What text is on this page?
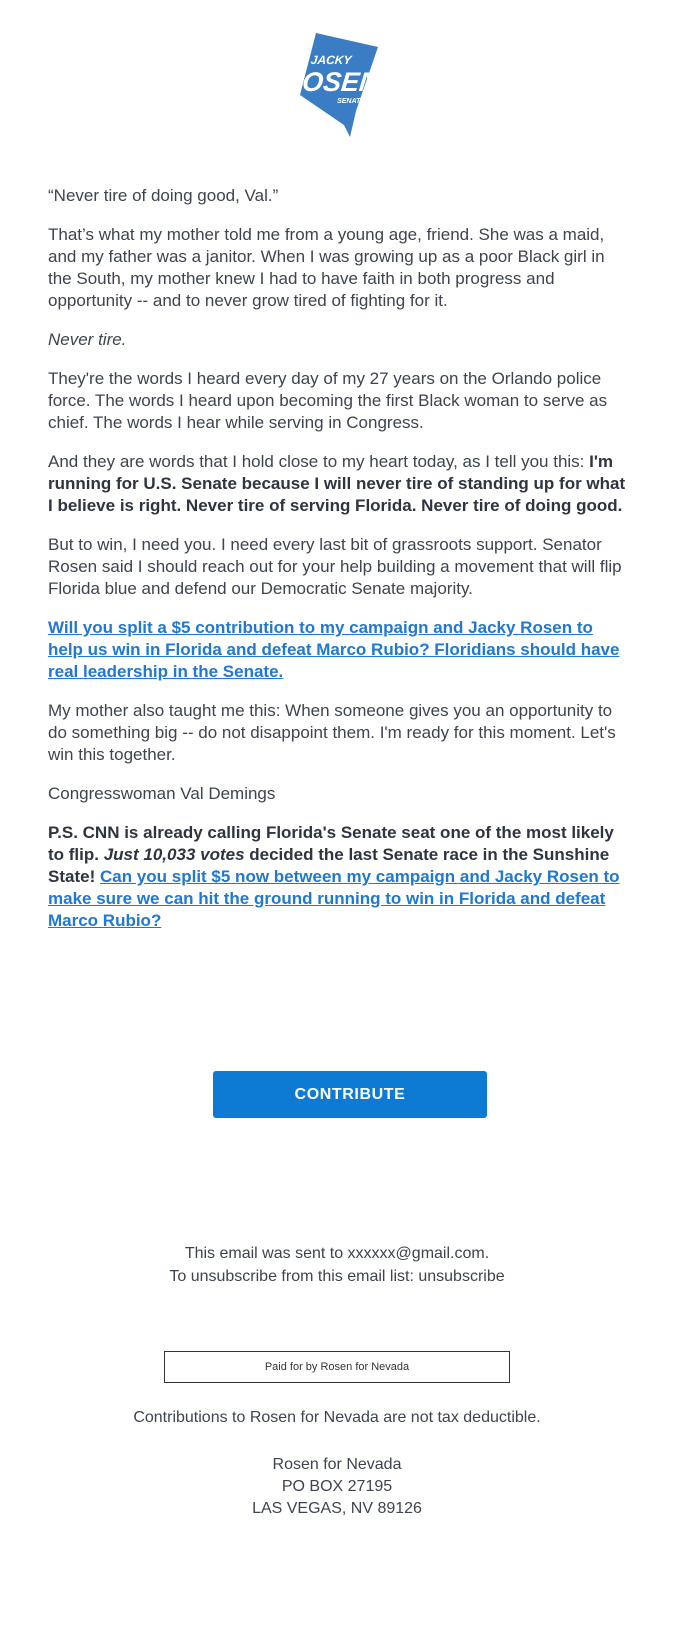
JACKY
ROSEN
SENATE

“Never tire of doing good, Val.”

That’s what my mother told me from a young age, friend. She was a maid, and my father was a janitor. When I was growing up as a poor Black girl in the South, my mother knew I had to have faith in both progress and opportunity -- and to never grow tired of fighting for it.

Never tire.

They're the words I heard every day of my 27 years on the Orlando police force. The words I heard upon becoming the first Black woman to serve as chief. The words I hear while serving in Congress.

And they are words that I hold close to my heart today, as I tell you this: I'm running for U.S. Senate because I will never tire of standing up for what I believe is right. Never tire of serving Florida. Never tire of doing good.

But to win, I need you. I need every last bit of grassroots support. Senator Rosen said I should reach out for your help building a movement that will flip Florida blue and defend our Democratic Senate majority.

Will you split a $5 contribution to my campaign and Jacky Rosen to help us win in Florida and defeat Marco Rubio? Floridians should have real leadership in the Senate.

My mother also taught me this: When someone gives you an opportunity to do something big -- do not disappoint them. I'm ready for this moment. Let's win this together.

Congresswoman Val Demings

P.S. CNN is already calling Florida's Senate seat one of the most likely to flip. Just 10,033 votes decided the last Senate race in the Sunshine State! Can you split $5 now between my campaign and Jacky Rosen to make sure we can hit the ground running to win in Florida and defeat Marco Rubio?

CONTRIBUTE
This email was sent to xxxxxx@gmail.com.
To unsubscribe from this email list: unsubscribe
Paid for by Rosen for Nevada
Contributions to Rosen for Nevada are not tax deductible.
Rosen for Nevada
PO BOX 27195
LAS VEGAS, NV 89126
